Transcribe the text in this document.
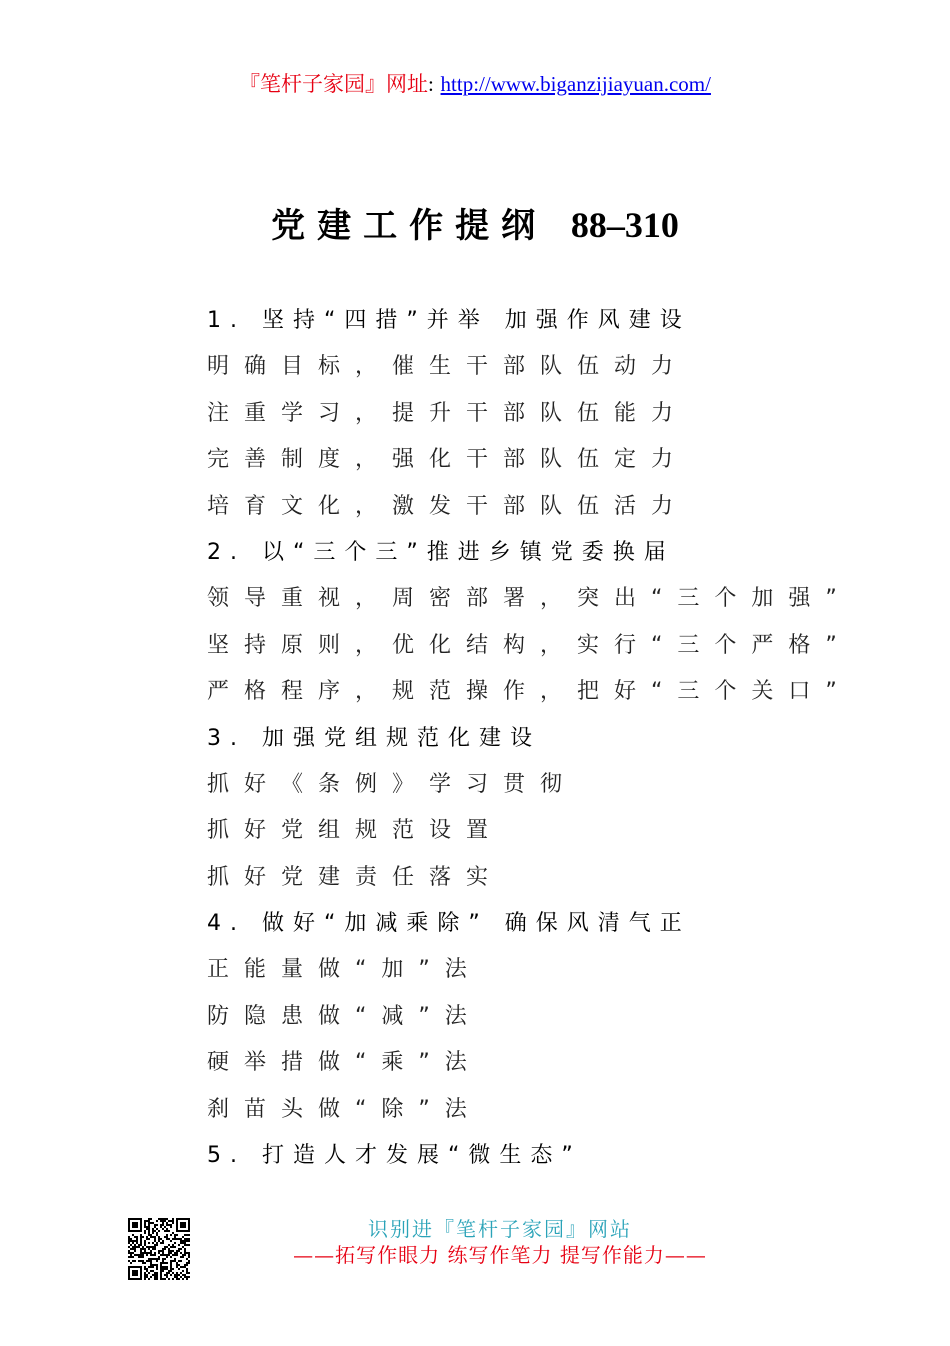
『笔杆子家园』网址: http://www.biganzijiayuan.com/
党建工作提纲 88–310
1. 坚持“四措”并举 加强作风建设
明确目标，催生干部队伍动力
注重学习，提升干部队伍能力
完善制度，强化干部队伍定力
培育文化，激发干部队伍活力
2. 以“三个三”推进乡镇党委换届
领导重视，周密部署，突出“三个加强”
坚持原则，优化结构，实行“三个严格”
严格程序，规范操作，把好“三个关口”
3. 加强党组规范化建设
抓好《条例》学习贯彻
抓好党组规范设置
抓好党建责任落实
4. 做好“加减乘除” 确保风清气正
正能量做“加”法
防隐患做“减”法
硬举措做“乘”法
刹苗头做“除”法
5. 打造人才发展“微生态”
识别进『笔杆子家园』网站
——拓写作眼力 练写作笔力 提写作能力——
